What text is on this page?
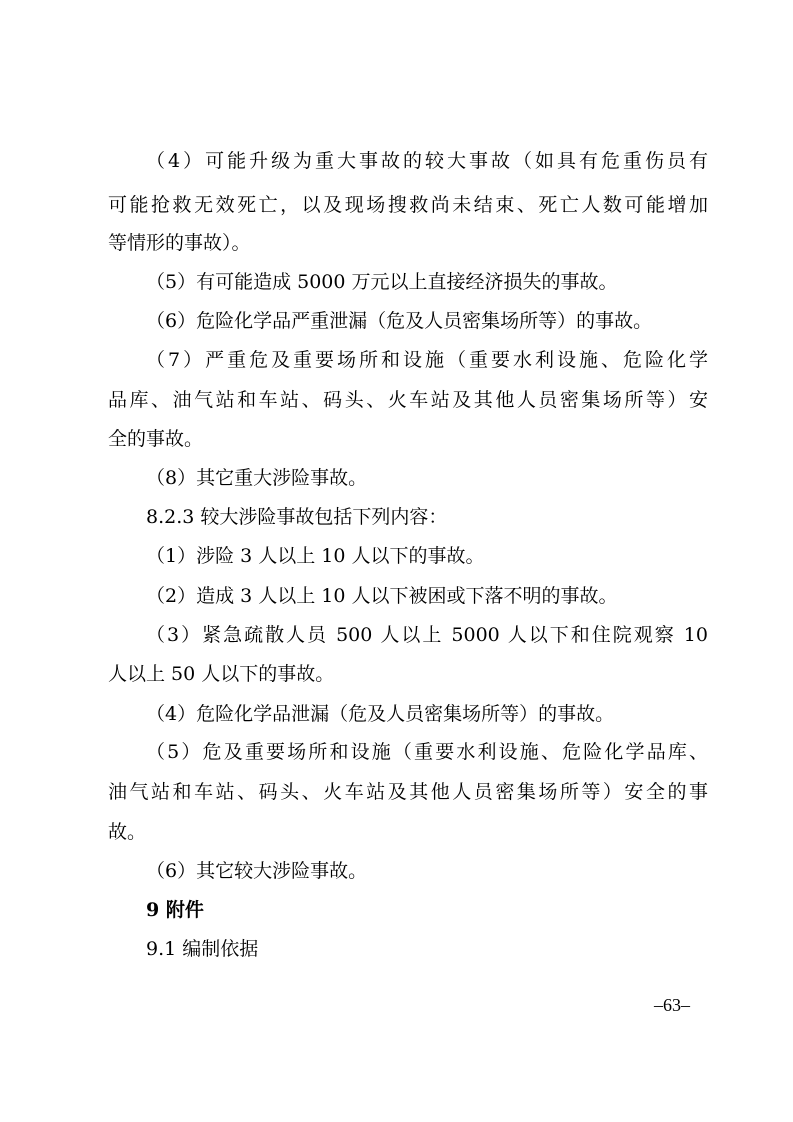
（4）可能升级为重大事故的较大事故（如具有危重伤员有
可能抢救无效死亡，以及现场搜救尚未结束、死亡人数可能增加
等情形的事故）。
（5）有可能造成 5000 万元以上直接经济损失的事故。
（6）危险化学品严重泄漏（危及人员密集场所等）的事故。
（7）严重危及重要场所和设施（重要水利设施、危险化学
品库、油气站和车站、码头、火车站及其他人员密集场所等）安
全的事故。
（8）其它重大涉险事故。
8.2.3 较大涉险事故包括下列内容：
（1）涉险 3 人以上 10 人以下的事故。
（2）造成 3 人以上 10 人以下被困或下落不明的事故。
（3）紧急疏散人员 500 人以上 5000 人以下和住院观察 10
人以上 50 人以下的事故。
（4）危险化学品泄漏（危及人员密集场所等）的事故。
（5）危及重要场所和设施（重要水利设施、危险化学品库、
油气站和车站、码头、火车站及其他人员密集场所等）安全的事
故。
（6）其它较大涉险事故。
9 附件
9.1 编制依据
–63–
